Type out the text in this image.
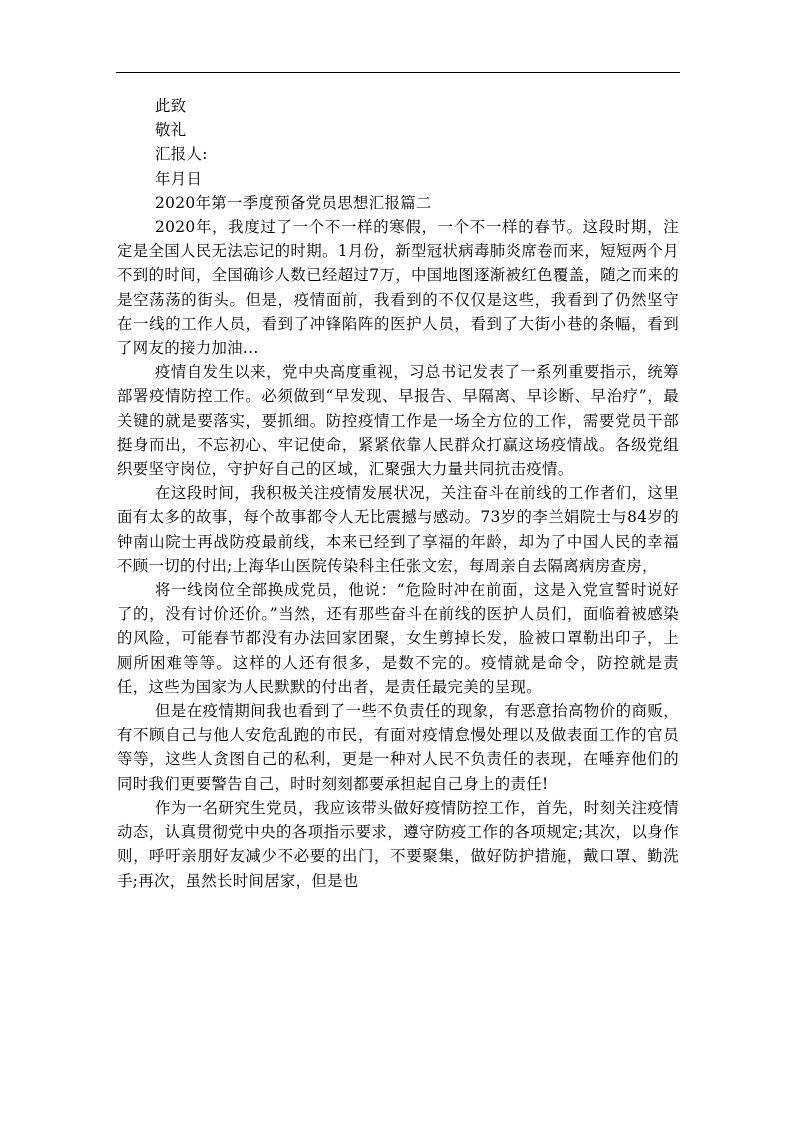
此致

敬礼

汇报人:

年月日

2020年第一季度预备党员思想汇报篇二

2020年，我度过了一个不一样的寒假，一个不一样的春节。这段时期，注定是全国人民无法忘记的时期。1月份，新型冠状病毒肺炎席卷而来，短短两个月不到的时间，全国确诊人数已经超过7万，中国地图逐渐被红色覆盖，随之而来的是空荡荡的街头。但是，疫情面前，我看到的不仅仅是这些，我看到了仍然坚守在一线的工作人员，看到了冲锋陷阵的医护人员，看到了大街小巷的条幅，看到了网友的接力加油...

疫情自发生以来，党中央高度重视，习总书记发表了一系列重要指示，统筹部署疫情防控工作。必须做到“早发现、早报告、早隔离、早诊断、早治疗”，最关键的就是要落实，要抓细。防控疫情工作是一场全方位的工作，需要党员干部挺身而出，不忘初心、牢记使命，紧紧依靠人民群众打赢这场疫情战。各级党组织要坚守岗位，守护好自己的区域，汇聚强大力量共同抗击疫情。

在这段时间，我积极关注疫情发展状况，关注奋斗在前线的工作者们，这里面有太多的故事，每个故事都令人无比震撼与感动。73岁的李兰娟院士与84岁的钟南山院士再战防疫最前线，本来已经到了享福的年龄，却为了中国人民的幸福不顾一切的付出;上海华山医院传染科主任张文宏，每周亲自去隔离病房查房，

将一线岗位全部换成党员，他说：“危险时冲在前面，这是入党宣誓时说好了的，没有讨价还价。”当然，还有那些奋斗在前线的医护人员们，面临着被感染的风险，可能春节都没有办法回家团聚，女生剪掉长发，脸被口罩勒出印子，上厕所困难等等。这样的人还有很多，是数不完的。疫情就是命令，防控就是责任，这些为国家为人民默默的付出者，是责任最完美的呈现。

但是在疫情期间我也看到了一些不负责任的现象，有恶意抬高物价的商贩，有不顾自己与他人安危乱跑的市民，有面对疫情怠慢处理以及做表面工作的官员等等，这些人贪图自己的私利，更是一种对人民不负责任的表现，在唾弃他们的同时我们更要警告自己，时时刻刻都要承担起自己身上的责任!

作为一名研究生党员，我应该带头做好疫情防控工作，首先，时刻关注疫情动态，认真贯彻党中央的各项指示要求，遵守防疫工作的各项规定;其次，以身作则，呼吁亲朋好友减少不必要的出门，不要聚集，做好防护措施，戴口罩、勤洗手;再次，虽然长时间居家，但是也
